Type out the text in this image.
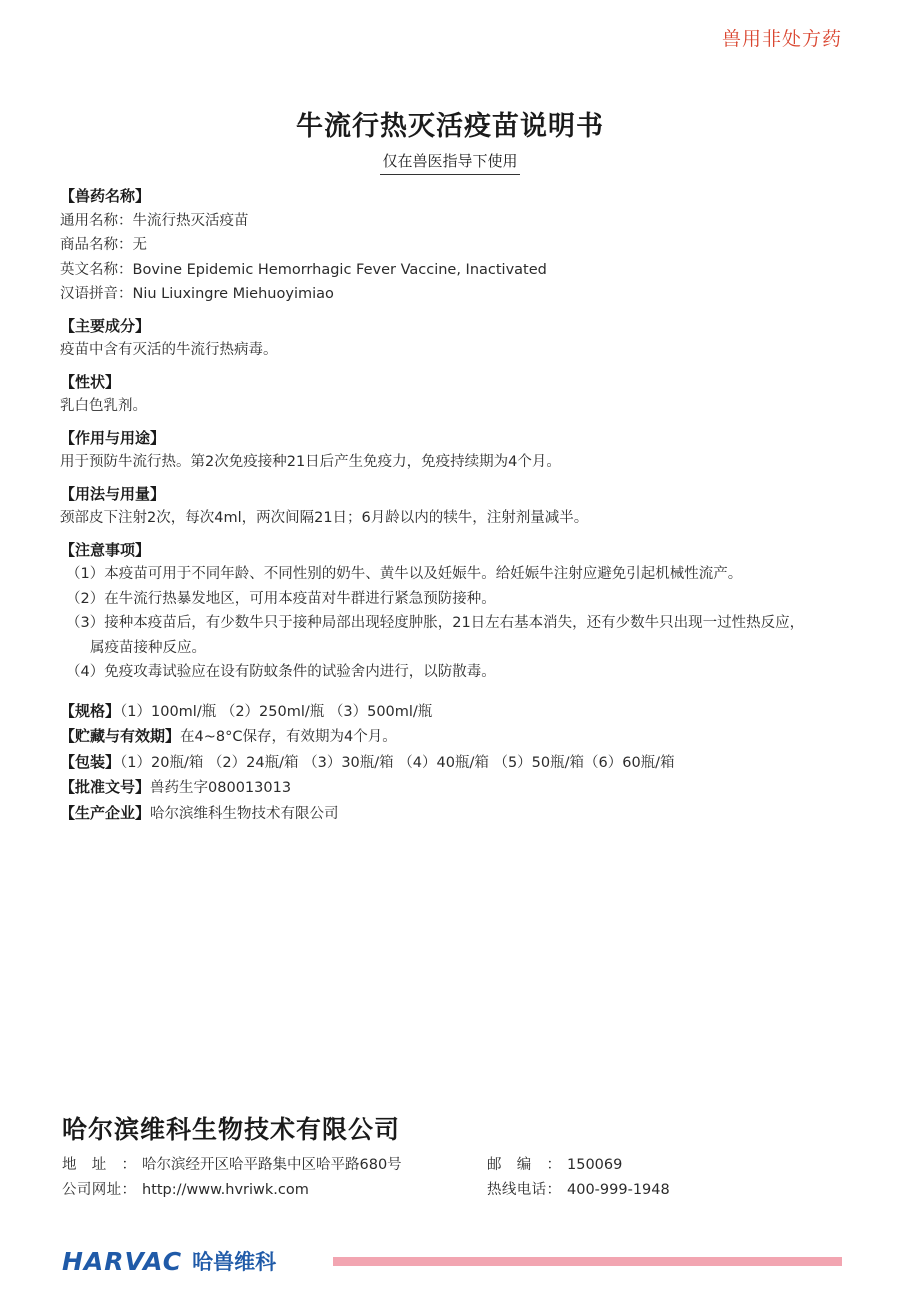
兽用非处方药
牛流行热灭活疫苗说明书
仅在兽医指导下使用
【兽药名称】
通用名称：牛流行热灭活疫苗
商品名称：无
英文名称：Bovine Epidemic Hemorrhagic Fever Vaccine, Inactivated
汉语拼音：Niu Liuxingre Miehuoyimiao
【主要成分】
疫苗中含有灭活的牛流行热病毒。
【性状】
乳白色乳剂。
【作用与用途】
用于预防牛流行热。第2次免疫接种21日后产生免疫力，免疫持续期为4个月。
【用法与用量】
颈部皮下注射2次，每次4ml，两次间隔21日；6月龄以内的犊牛，注射剂量减半。
【注意事项】
（1）本疫苗可用于不同年龄、不同性别的奶牛、黄牛以及妊娠牛。给妊娠牛注射应避免引起机械性流产。
（2）在牛流行热暴发地区，可用本疫苗对牛群进行紧急预防接种。
（3）接种本疫苗后，有少数牛只于接种局部出现轻度肿胀，21日左右基本消失，还有少数牛只出现一过性热反应，
属疫苗接种反应。
（4）免疫攻毒试验应在设有防蚊条件的试验舍内进行，以防散毒。
【规格】（1）100ml/瓶 （2）250ml/瓶 （3）500ml/瓶
【贮藏与有效期】在4~8°C保存，有效期为4个月。
【包装】（1）20瓶/箱 （2）24瓶/箱 （3）30瓶/箱 （4）40瓶/箱 （5）50瓶/箱（6）60瓶/箱
【批准文号】兽药生字080013013
【生产企业】哈尔滨维科生物技术有限公司
哈尔滨维科生物技术有限公司
地址： 哈尔滨经开区哈平路集中区哈平路680号	邮编： 150069
公司网址： http://www.hvriwk.com	热线电话： 400-999-1948
HARVAC 哈兽维科
